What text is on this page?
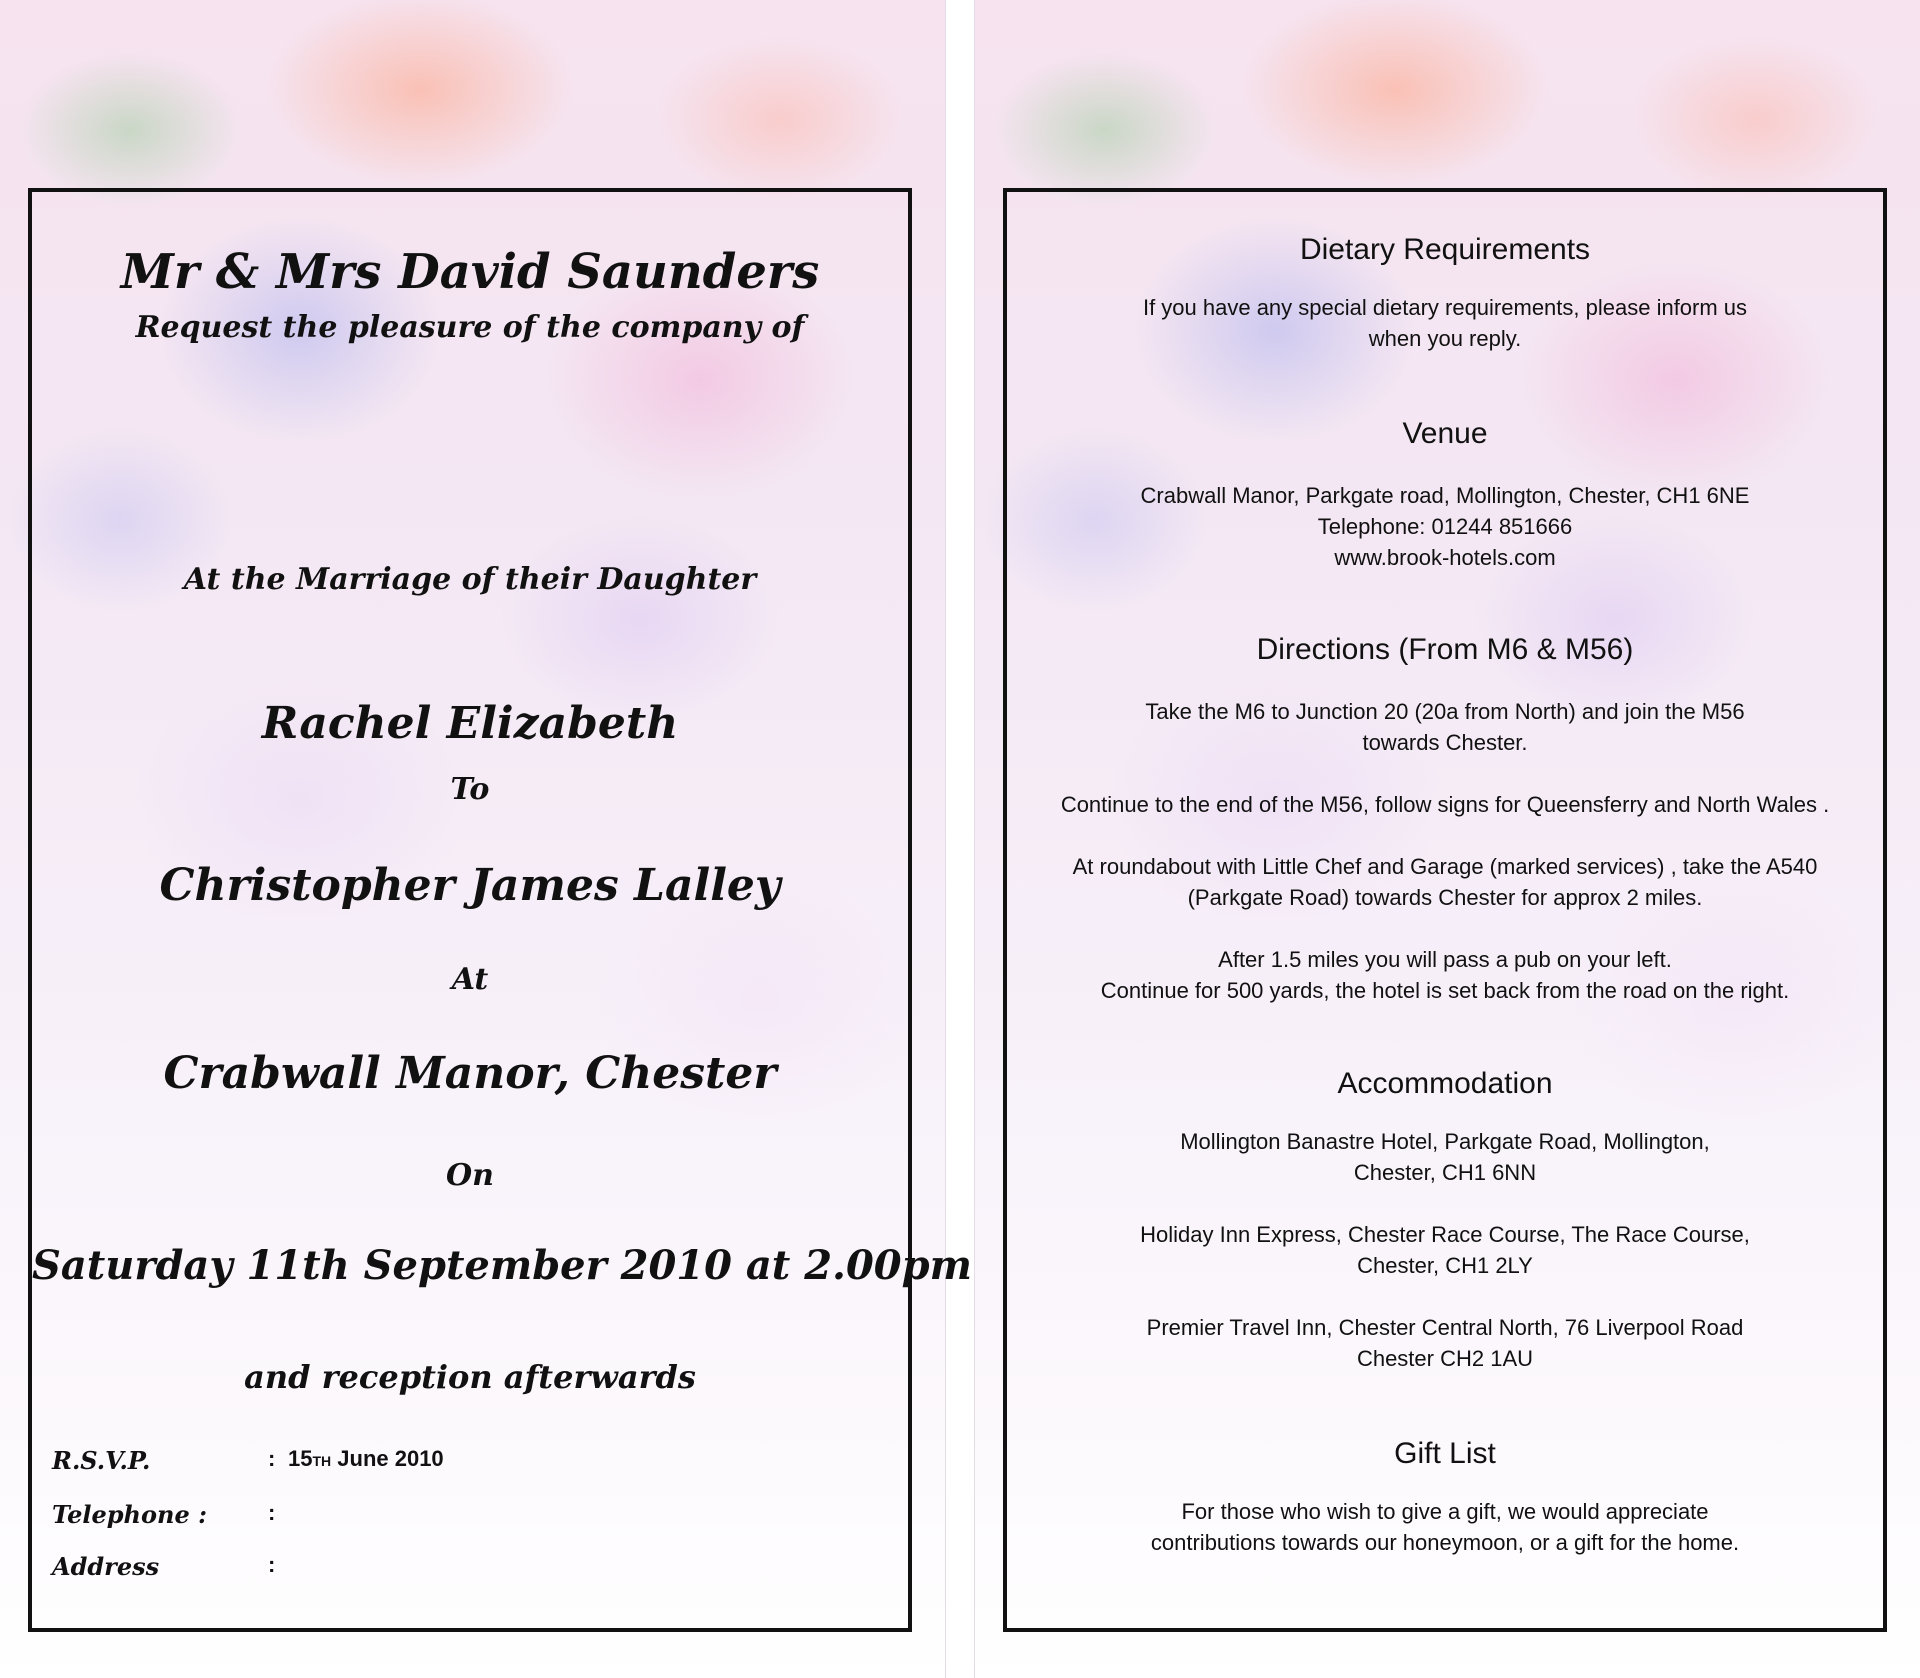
Mr & Mrs David Saunders

Request the pleasure of the company of

At the Marriage of their Daughter

Rachel Elizabeth

To

Christopher James Lalley

At

Crabwall Manor, Chester

On

Saturday 11th September 2010 at 2.00pm

and reception afterwards

R.S.V.P.	: 15TH June 2010
Telephone :	:
Address	:
Dietary Requirements

If you have any special dietary requirements, please inform us
when you reply.

Venue

Crabwall Manor, Parkgate road, Mollington, Chester, CH1 6NE
Telephone: 01244 851666
www.brook-hotels.com

Directions (From M6 & M56)

Take the M6 to Junction 20 (20a from North) and join the M56
towards Chester.

Continue to the end of the M56, follow signs for Queensferry and North Wales .

At roundabout with Little Chef and Garage (marked services) , take the A540
(Parkgate Road) towards Chester for approx 2 miles.

After 1.5 miles you will pass a pub on your left.
Continue for 500 yards, the hotel is set back from the road on the right.

Accommodation

Mollington Banastre Hotel, Parkgate Road, Mollington,
Chester, CH1 6NN

Holiday Inn Express, Chester Race Course, The Race Course,
Chester, CH1 2LY

Premier Travel Inn, Chester Central North, 76 Liverpool Road
Chester CH2 1AU

Gift List

For those who wish to give a gift, we would appreciate
contributions towards our honeymoon, or a gift for the home.
